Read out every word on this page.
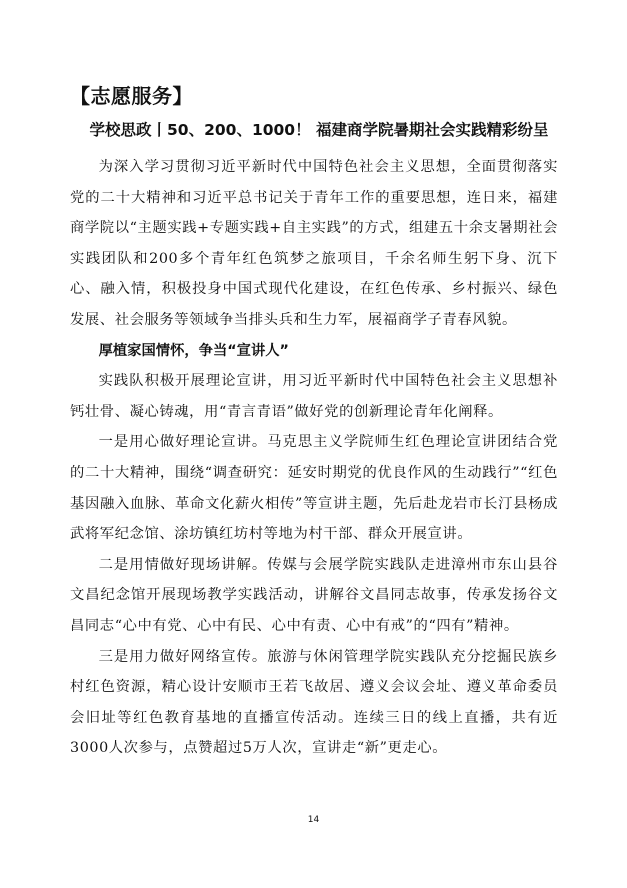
【志愿服务】
学校思政丨50、200、1000！ 福建商学院暑期社会实践精彩纷呈

为深入学习贯彻习近平新时代中国特色社会主义思想，全面贯彻落实党的二十大精神和习近平总书记关于青年工作的重要思想，连日来，福建商学院以“主题实践+专题实践+自主实践”的方式，组建五十余支暑期社会实践团队和200多个青年红色筑梦之旅项目，千余名师生躬下身、沉下心、融入情，积极投身中国式现代化建设，在红色传承、乡村振兴、绿色发展、社会服务等领域争当排头兵和生力军，展福商学子青春风貌。

厚植家国情怀，争当“宣讲人”

实践队积极开展理论宣讲，用习近平新时代中国特色社会主义思想补钙壮骨、凝心铸魂，用“青言青语”做好党的创新理论青年化阐释。

一是用心做好理论宣讲。马克思主义学院师生红色理论宣讲团结合党的二十大精神，围绕“调查研究：延安时期党的优良作风的生动践行”“红色基因融入血脉、革命文化薪火相传”等宣讲主题，先后赴龙岩市长汀县杨成武将军纪念馆、涂坊镇红坊村等地为村干部、群众开展宣讲。

二是用情做好现场讲解。传媒与会展学院实践队走进漳州市东山县谷文昌纪念馆开展现场教学实践活动，讲解谷文昌同志故事，传承发扬谷文昌同志“心中有党、心中有民、心中有责、心中有戒”的“四有”精神。

三是用力做好网络宣传。旅游与休闲管理学院实践队充分挖掘民族乡村红色资源，精心设计安顺市王若飞故居、遵义会议会址、遵义革命委员会旧址等红色教育基地的直播宣传活动。连续三日的线上直播，共有近3000人次参与，点赞超过5万人次，宣讲走“新”更走心。

14
